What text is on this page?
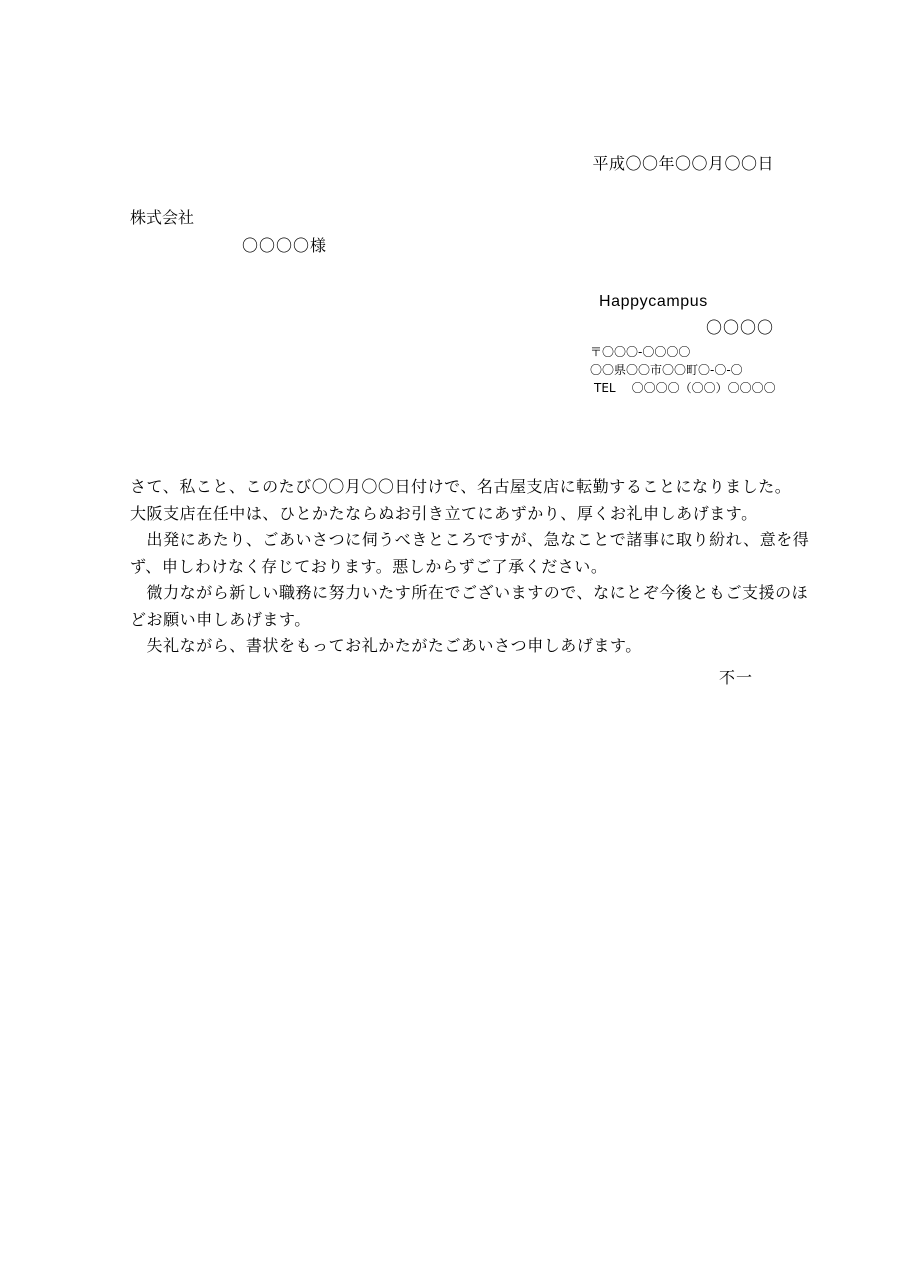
平成〇〇年〇〇月〇〇日
株式会社
〇〇〇〇様
Happycampus
〇〇〇〇
〒〇〇〇-〇〇〇〇
〇〇県〇〇市〇〇町〇-〇-〇
TEL 〇〇〇〇（〇〇）〇〇〇〇
さて、私こと、このたび〇〇月〇〇日付けで、名古屋支店に転勤することになりました。
大阪支店在任中は、ひとかたならぬお引き立てにあずかり、厚くお礼申しあげます。
　出発にあたり、ごあいさつに伺うべきところですが、急なことで諸事に取り紛れ、意を得
ず、申しわけなく存じております。悪しからずご了承ください。
　微力ながら新しい職務に努力いたす所在でございますので、なにとぞ今後ともご支援のほ
どお願い申しあげます。
　失礼ながら、書状をもってお礼かたがたごあいさつ申しあげます。
不一
